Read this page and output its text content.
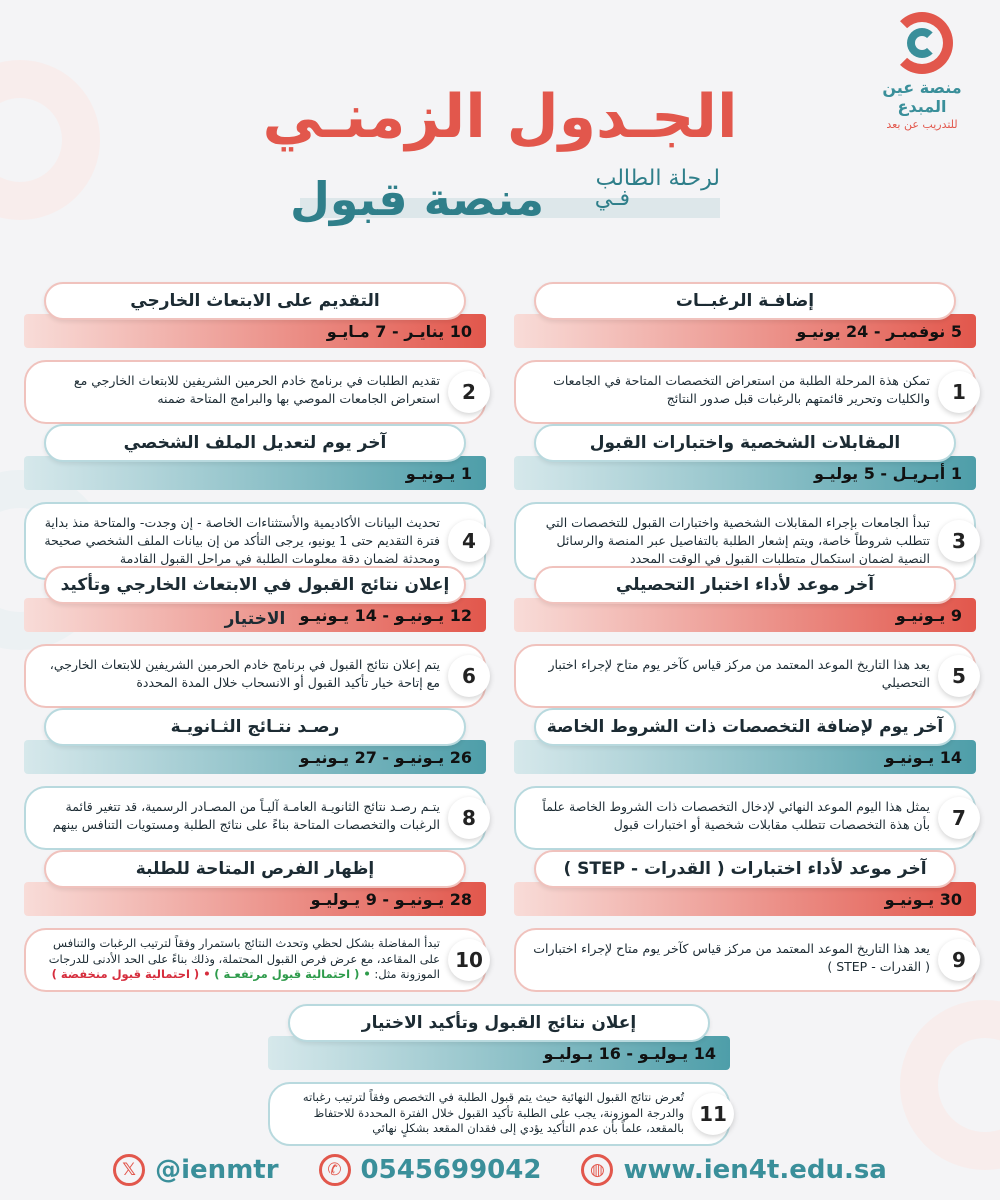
منصة عين المبدع
للتدريب عن بعد
الجـدول الزمنـي
لرحلة الطالب
فـي
منصة قبول
إضافـة الرغبــات
5 نوفمبـر - 24 يونيـو
تمكن هذة المرحلة الطلبة من استعراض التخصصات المتاحة في الجامعات والكليات وتحرير قائمتهم بالرغبات قبل صدور النتائج	1
التقديم على الابتعاث الخارجي
10 ينايـر - 7 مـايـو
تقديم الطلبات في برنامج خادم الحرمين الشريفين للابتعاث الخارجي مع استعراض الجامعات الموصي بها والبرامج المتاحة ضمنه	2
المقابلات الشخصية واختبارات القبول
1 أبـريـل - 5 يوليـو
تبدأ الجامعات بإجراء المقابلات الشخصية واختبارات القبول للتخصصات التي تتطلب شروطاً خاصة، ويتم إشعار الطلبة بالتفاصيل عبر المنصة والرسائل النصية لضمان استكمال متطلبات القبول في الوقت المحدد
3
آخر يوم لتعديل الملف الشخصي
1 يـونيـو
تحديث البيانات الأكاديمية والأستثناءات الخاصة - إن وجدت- والمتاحة منذ بداية فترة التقديم حتى 1 يونيو، يرجى التأكد من إن بيانات الملف الشخصي صحيحة ومحدثة لضمان دقة معلومات الطلبة في مراحل القبول القادمة
4
آخر موعد لأداء اختبار التحصيلي
9 يـونيـو
يعد هذا التاريخ الموعد المعتمد من مركز قياس كآخر يوم متاح لإجراء اختبار التحصيلي	5
إعلان نتائج القبول في الابتعاث الخارجي وتأكيد الاختيار 12 يـونيـو - 14 يـونيـو
يتم إعلان نتائج القبول في برنامج خادم الحرمين الشريفين للابتعاث الخارجي، مع إتاحة خيار تأكيد القبول أو الانسحاب خلال المدة المحددة	6
آخر يوم لإضافة التخصصات ذات الشروط الخاصة
14 يـونيـو
يمثل هذا اليوم الموعد النهائي لإدخال التخصصات ذات الشروط الخاصة علماً بأن هذة التخصصات تتطلب مقابلات شخصية أو اختبارات قبول	7
رصـد نتـائج الثـانويـة
26 يـونيـو - 27 يـونيـو
يتـم رصـد نتائج الثانويـة العامـة آليـاً من المصـادر الرسمية، قد تتغير قائمة الرغبات والتخصصات المتاحة بناءً على نتائج الطلبة ومستويات التنافس بينهم	8
آخر موعد لأداء اختبارات ( القدرات - STEP )
30 يـونيـو
يعد هذا التاريخ الموعد المعتمد من مركز قياس كآخر يوم متاح لإجراء اختبارات ( القدرات - STEP )	9
إظهار الفرص المتاحة للطلبة
28 يـونيـو - 9 يـوليـو
تبدأ المفاضلة بشكل لحظي وتحدث النتائج باستمرار وفقاً لترتيب الرغبات والتنافس على المقاعد، مع عرض فرص القبول المحتملة، وذلك بناءً على الحد الأدنى للدرجات الموزونة مثل: • ( احتمالية قبول مرتفعـة ) • ( احتمالية قبول منخفضة )
10
إعلان نتائج القبول وتأكيد الاختيار
14 يـوليـو - 16 يـوليـو
تُعرض نتائج القبول النهائية حيث يتم قبول الطلبة في التخصص وفقاً لترتيب رغباته والدرجة الموزونة، يجب على الطلبة تأكيد القبول خلال الفترة المحددة للاحتفاظ بالمقعد، علماً بأن عدم التأكيد يؤدي إلى فقدان المقعد بشكلٍ نهائي
11
𝕏 @ienmtr	✆ 0545699042	◍ www.ien4t.edu.sa
